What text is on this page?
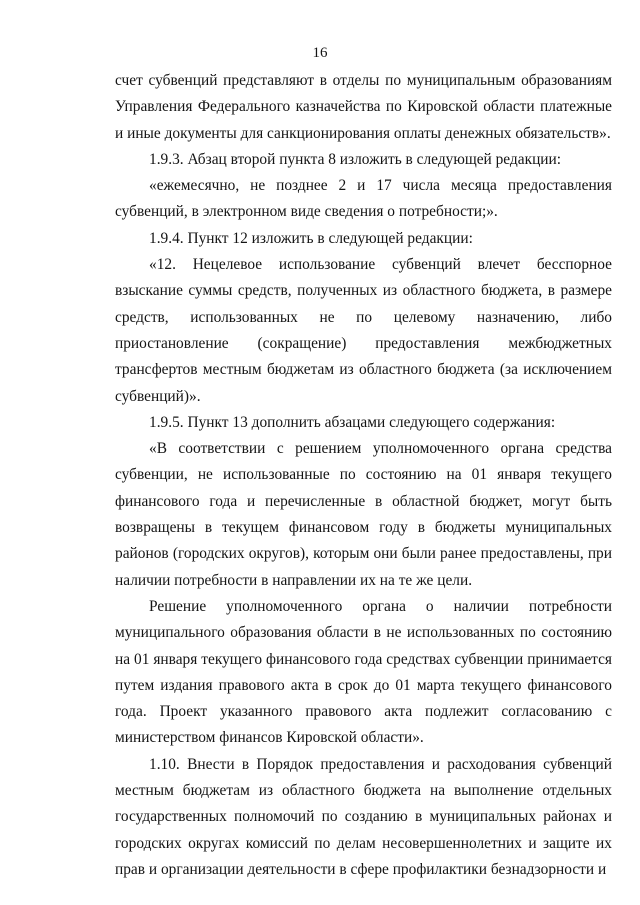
16

счет субвенций представляют в отделы по муниципальным образованиям Управления Федерального казначейства по Кировской области платежные и иные документы для санкционирования оплаты денежных обязательств».

1.9.3. Абзац второй пункта 8 изложить в следующей редакции:

«ежемесячно, не позднее 2 и 17 числа месяца предоставления субвенций, в электронном виде сведения о потребности;».

1.9.4. Пункт 12 изложить в следующей редакции:

«12. Нецелевое использование субвенций влечет бесспорное взыскание суммы средств, полученных из областного бюджета, в размере средств, использованных не по целевому назначению, либо приостановление (сокращение) предоставления межбюджетных трансфертов местным бюджетам из областного бюджета (за исключением субвенций)».

1.9.5. Пункт 13 дополнить абзацами следующего содержания:

«В соответствии с решением уполномоченного органа средства субвенции, не использованные по состоянию на 01 января текущего финансового года и перечисленные в областной бюджет, могут быть возвращены в текущем финансовом году в бюджеты муниципальных районов (городских округов), которым они были ранее предоставлены, при наличии потребности в направлении их на те же цели.

Решение уполномоченного органа о наличии потребности муниципального образования области в не использованных по состоянию на 01 января текущего финансового года средствах субвенции принимается путем издания правового акта в срок до 01 марта текущего финансового года. Проект указанного правового акта подлежит согласованию с министерством финансов Кировской области».

1.10. Внести в Порядок предоставления и расходования субвенций местным бюджетам из областного бюджета на выполнение отдельных государственных полномочий по созданию в муниципальных районах и городских округах комиссий по делам несовершеннолетних и защите их прав и организации деятельности в сфере профилактики безнадзорности и
